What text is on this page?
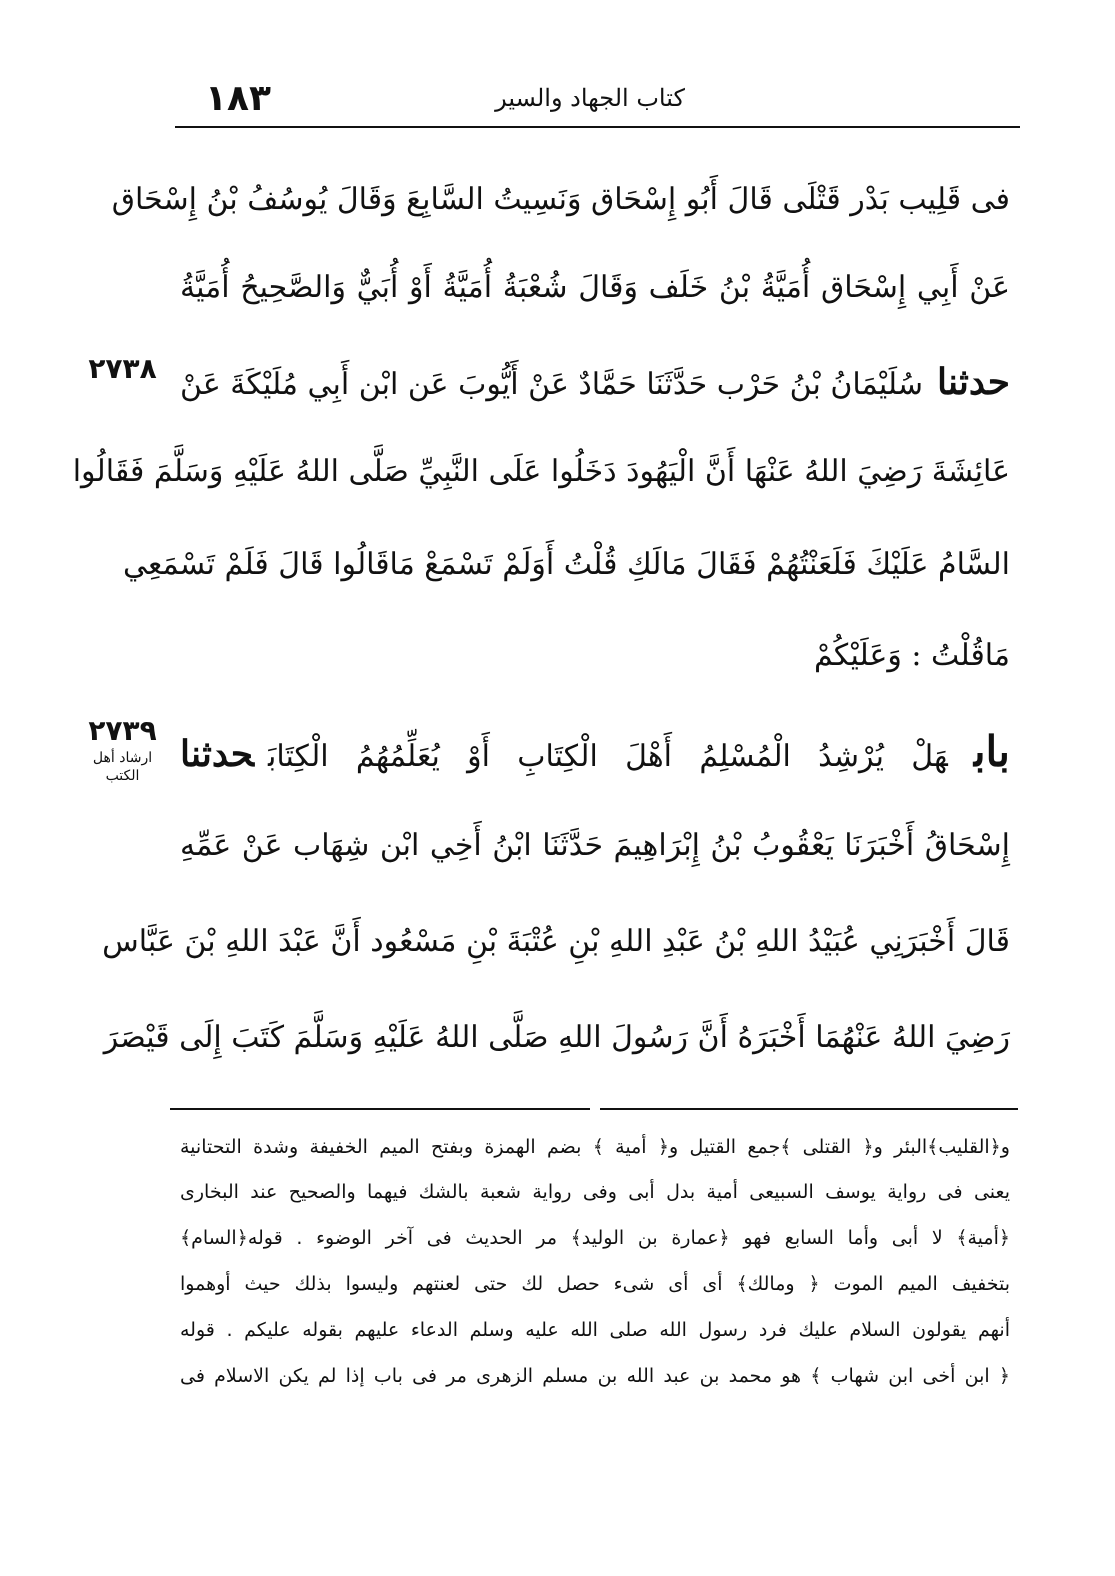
١٨٣	كتاب الجهاد والسير
فى قَلِيب بَدْر قَتْلَى قَالَ أَبُو إِسْحَاق وَنَسِيتُ السَّابِعَ وَقَالَ يُوسُفُ بْنُ إِسْحَاق
عَنْ أَبِي إِسْحَاق أُمَيَّةُ بْنُ خَلَف وَقَالَ شُعْبَةُ أُمَيَّةُ أَوْ أُبَيٌّ وَالصَّحِيحُ أُمَيَّةُ
٢٧٣٨	حدثناسُلَيْمَانُ بْنُ حَرْب حَدَّثَنَا حَمَّادٌ عَنْ أَيُّوبَ عَن ابْن أَبِي مُلَيْكَةَ عَنْ
عَائِشَةَ رَضِيَ اللهُ عَنْهَا أَنَّ الْيَهُودَ دَخَلُوا عَلَى النَّبِيِّ صَلَّى اللهُ عَلَيْهِ وَسَلَّمَ فَقَالُوا
السَّامُ عَلَيْكَ فَلَعَنْتُهُمْ فَقَالَ مَالَكِ قُلْتُ أَوَلَمْ تَسْمَعْ مَاقَالُوا قَالَ فَلَمْ تَسْمَعِي
مَاقُلْتُ : وَعَلَيْكُمْ
٢٧٣٩
ارشاد أهل
الكتب	بابهَلْ يُرْشِدُ الْمُسْلِمُ أَهْلَ الْكِتَابِ أَوْ يُعَلِّمُهُمُ الْكِتَابَحدثنا
إِسْحَاقُ أَخْبَرَنَا يَعْقُوبُ بْنُ إِبْرَاهِيمَ حَدَّثَنَا ابْنُ أَخِي ابْن شِهَاب عَنْ عَمِّهِ
قَالَ أَخْبَرَنِي عُبَيْدُ اللهِ بْنُ عَبْدِ اللهِ بْنِ عُتْبَةَ بْنِ مَسْعُود أَنَّ عَبْدَ اللهِ بْنَ عَبَّاس
رَضِيَ اللهُ عَنْهُمَا أَخْبَرَهُ أَنَّ رَسُولَ اللهِ صَلَّى اللهُ عَلَيْهِ وَسَلَّمَ كَتَبَ إِلَى قَيْصَرَ
و﴿القليب﴾البئر و﴿ القتلى ﴾جمع القتيل و﴿ أمية ﴾ بضم الهمزة وبفتح الميم الخفيفة وشدة التحتانية
يعنى فى رواية يوسف السبيعى أمية بدل أبى وفى رواية شعبة بالشك فيهما والصحيح عند البخارى
﴿أمية﴾ لا أبى وأما السابع فهو ﴿عمارة بن الوليد﴾ مر الحديث فى آخر الوضوء . قوله﴿السام﴾
بتخفيف الميم الموت ﴿ ومالك﴾ أى أى شىء حصل لك حتى لعنتهم وليسوا بذلك حيث أوهموا
أنهم يقولون السلام عليك فرد رسول الله صلى الله عليه وسلم الدعاء عليهم بقوله عليكم . قوله
﴿ ابن أخى ابن شهاب ﴾ هو محمد بن عبد الله بن مسلم الزهرى مر فى باب إذا لم يكن الاسلام فى
